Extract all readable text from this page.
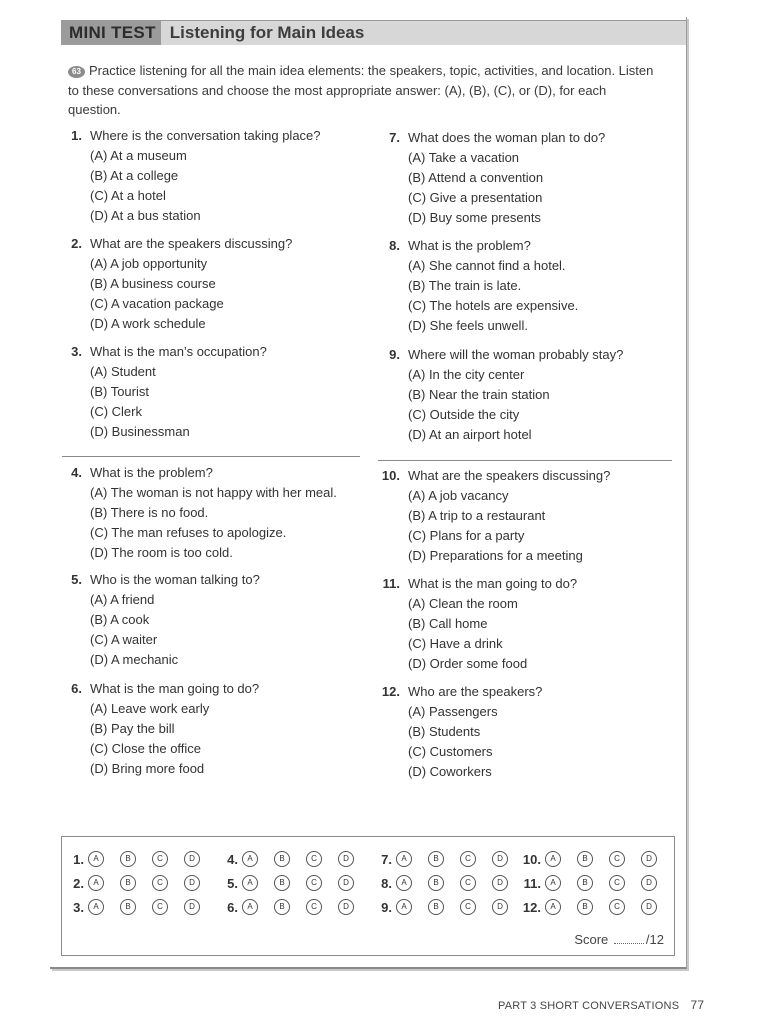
MINI TEST Listening for Main Ideas
63 Practice listening for all the main idea elements: the speakers, topic, activities, and location. Listen to these conversations and choose the most appropriate answer: (A), (B), (C), or (D), for each question.
1. Where is the conversation taking place?
(A) At a museum
(B) At a college
(C) At a hotel
(D) At a bus station
2. What are the speakers discussing?
(A) A job opportunity
(B) A business course
(C) A vacation package
(D) A work schedule
3. What is the man’s occupation?
(A) Student
(B) Tourist
(C) Clerk
(D) Businessman
4. What is the problem?
(A) The woman is not happy with her meal.
(B) There is no food.
(C) The man refuses to apologize.
(D) The room is too cold.
5. Who is the woman talking to?
(A) A friend
(B) A cook
(C) A waiter
(D) A mechanic
6. What is the man going to do?
(A) Leave work early
(B) Pay the bill
(C) Close the office
(D) Bring more food
7. What does the woman plan to do?
(A) Take a vacation
(B) Attend a convention
(C) Give a presentation
(D) Buy some presents
8. What is the problem?
(A) She cannot find a hotel.
(B) The train is late.
(C) The hotels are expensive.
(D) She feels unwell.
9. Where will the woman probably stay?
(A) In the city center
(B) Near the train station
(C) Outside the city
(D) At an airport hotel
10. What are the speakers discussing?
(A) A job vacancy
(B) A trip to a restaurant
(C) Plans for a party
(D) Preparations for a meeting
11. What is the man going to do?
(A) Clean the room
(B) Call home
(C) Have a drink
(D) Order some food
12. Who are the speakers?
(A) Passengers
(B) Students
(C) Customers
(D) Coworkers
1.	A	B	C	D
2.	A	B	C	D
3.	A	B	C	D
4.	A	B	C	D
5.	A	B	C	D
6.	A	B	C	D
7.	A	B	C	D
8.	A	B	C	D
9.	A	B	C	D
10.	A	B	C	D
11.	A	B	C	D
12.	A	B	C	D
Score	/12
PART 3 SHORT CONVERSATIONS 77
